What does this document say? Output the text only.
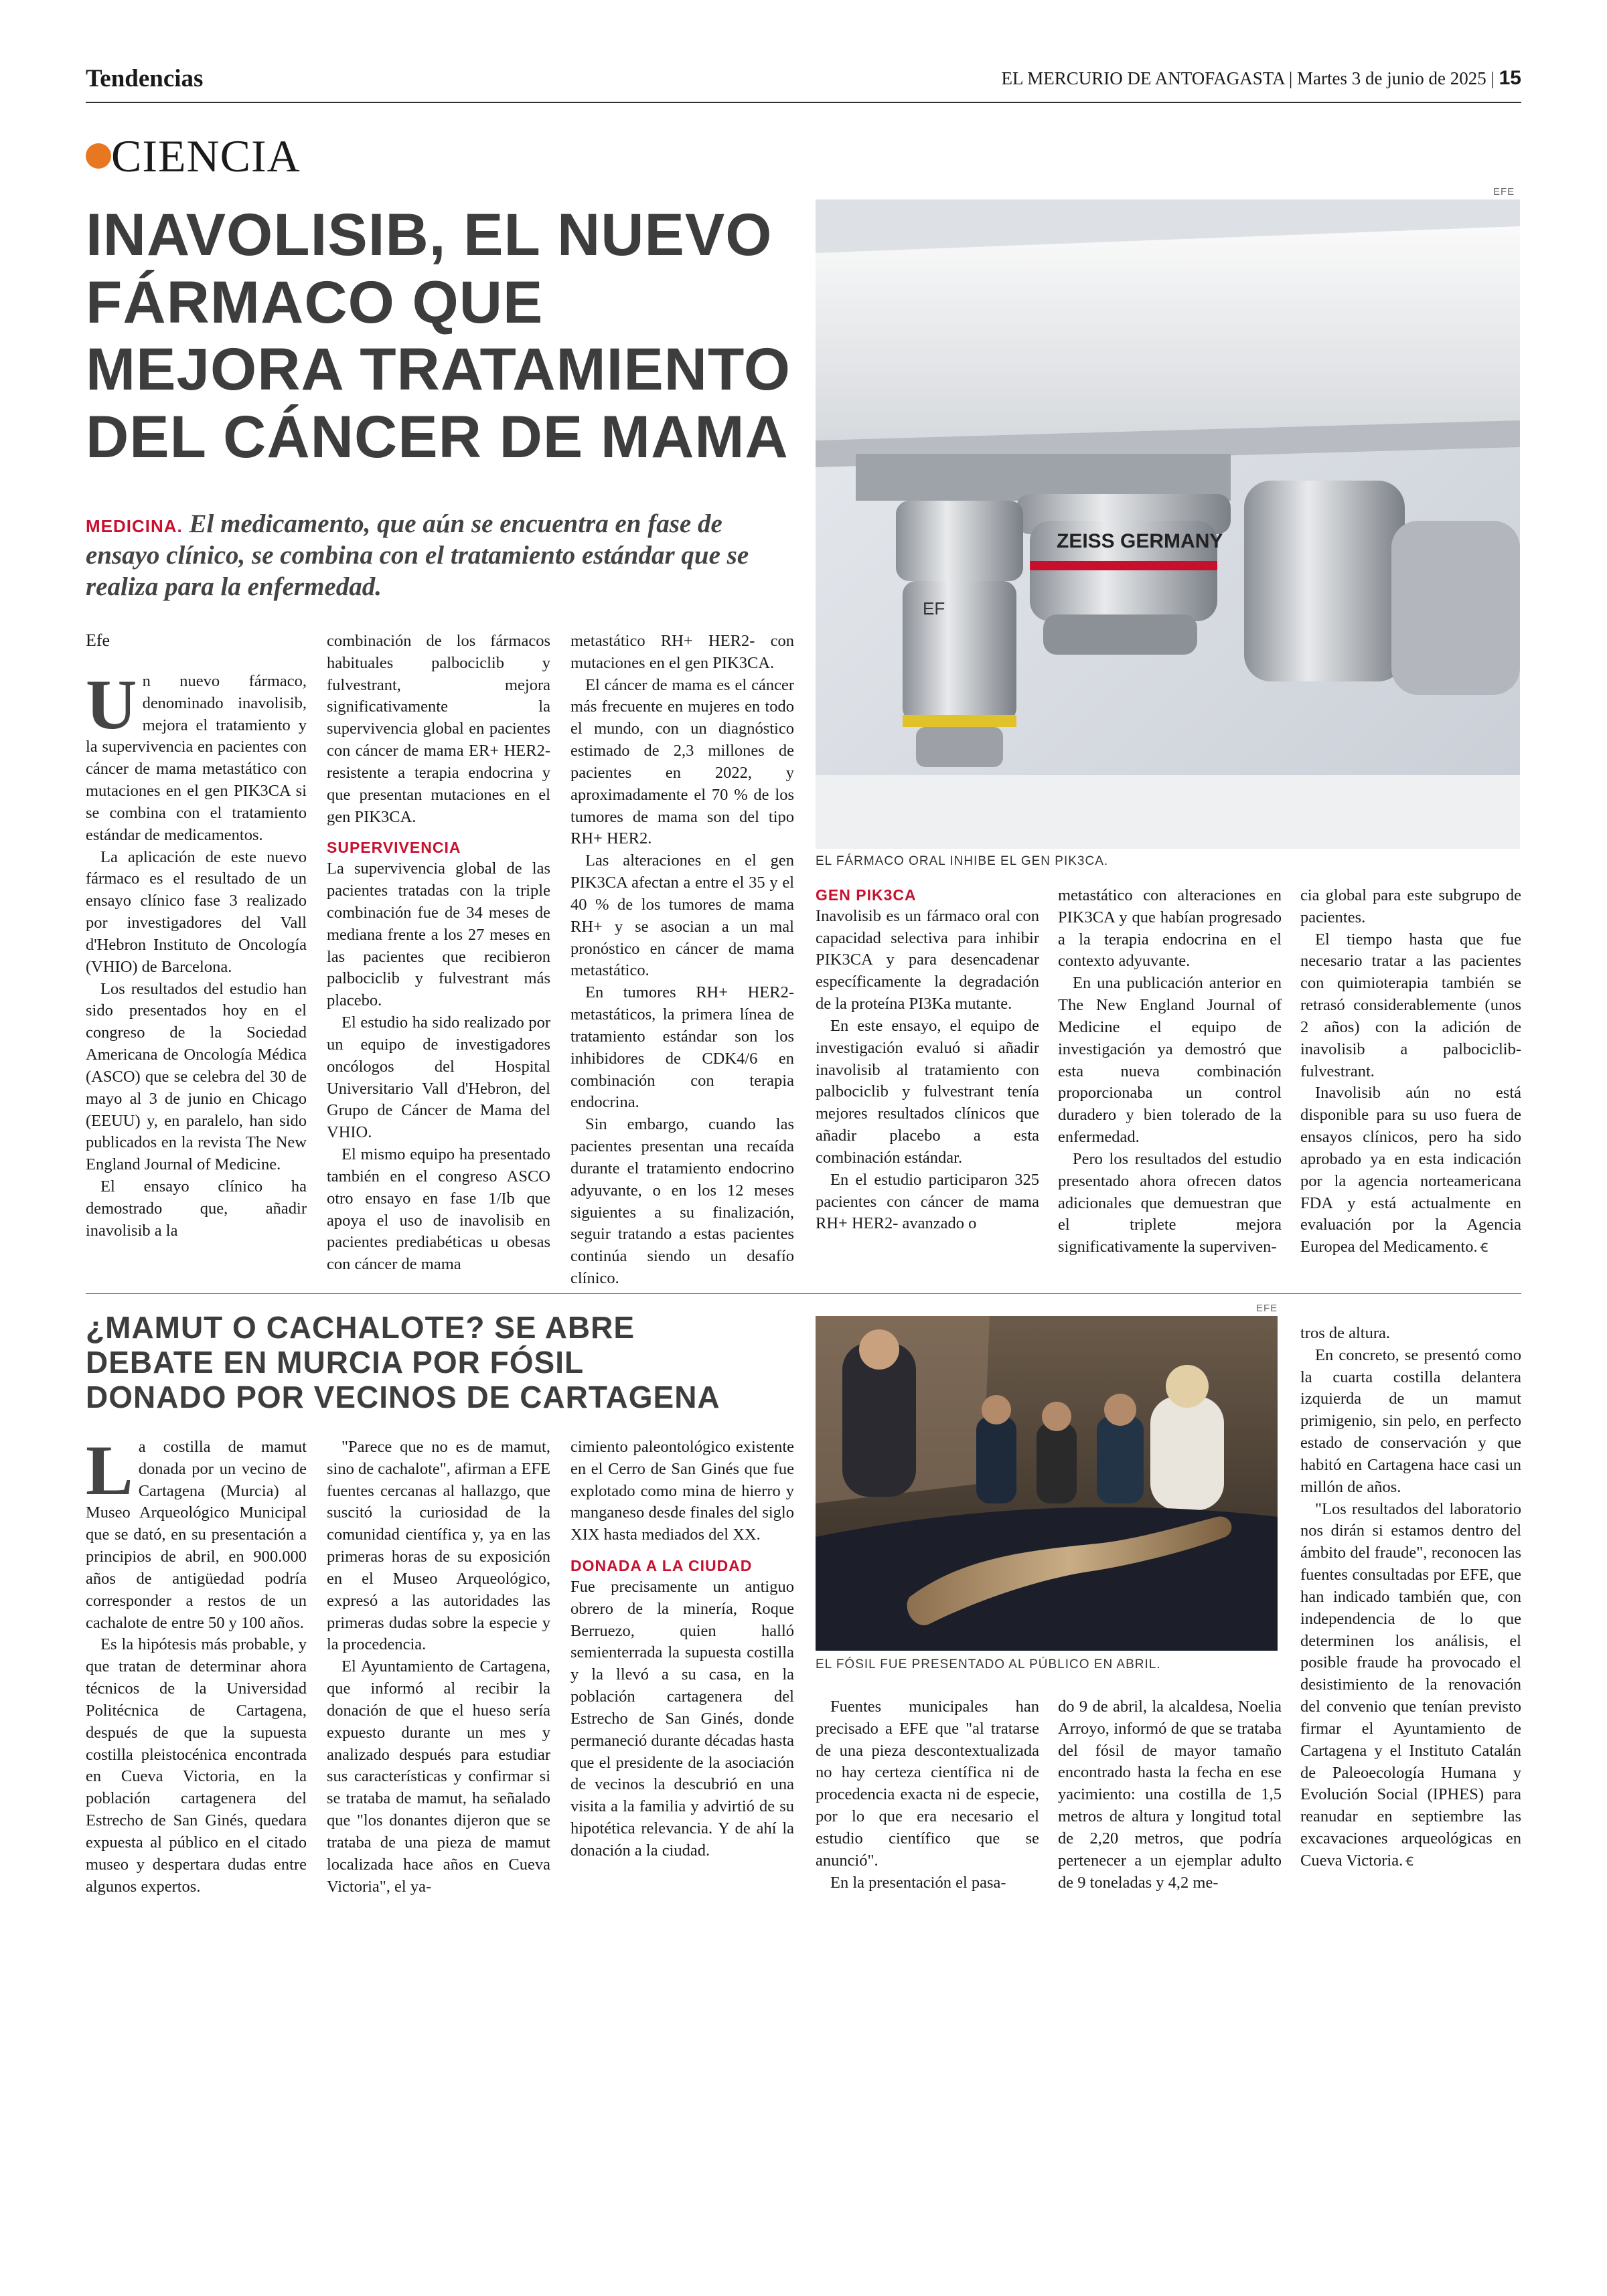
Tendencias	EL MERCURIO DE ANTOFAGASTA | Martes 3 de junio de 2025 | 15
CIENCIA
INAVOLISIB, EL NUEVO FÁRMACO QUE MEJORA TRATAMIENTO DEL CÁNCER DE MAMA
MEDICINA. El medicamento, que aún se encuentra en fase de ensayo clínico, se combina con el tratamiento estándar que se realiza para la enfermedad.
Efe
EFE
ZEISS GERMANY
EF
EL FÁRMACO ORAL INHIBE EL GEN PIK3CA.

Un nuevo fármaco, denominado inavolisib, mejora el tratamiento y la supervivencia en pacientes con cáncer de mama metastático con mutaciones en el gen PIK3CA si se combina con el tratamiento estándar de medicamentos.

La aplicación de este nuevo fármaco es el resultado de un ensayo clínico fase 3 realizado por investigadores del Vall d'Hebron Instituto de Oncología (VHIO) de Barcelona.

Los resultados del estudio han sido presentados hoy en el congreso de la Sociedad Americana de Oncología Médica (ASCO) que se celebra del 30 de mayo al 3 de junio en Chicago (EEUU) y, en paralelo, han sido publicados en la revista The New England Journal of Medicine.

El ensayo clínico ha demostrado que, añadir inavolisib a la

combinación de los fármacos habituales palbociclib y fulvestrant, mejora significativamente la supervivencia global en pacientes con cáncer de mama ER+ HER2- resistente a terapia endocrina y que presentan mutaciones en el gen PIK3CA.

SUPERVIVENCIA

La supervivencia global de las pacientes tratadas con la triple combinación fue de 34 meses de mediana frente a los 27 meses en las pacientes que recibieron palbociclib y fulvestrant más placebo.

El estudio ha sido realizado por un equipo de investigadores oncólogos del Hospital Universitario Vall d'Hebron, del Grupo de Cáncer de Mama del VHIO.

El mismo equipo ha presentado también en el congreso ASCO otro ensayo en fase 1/Ib que apoya el uso de inavolisib en pacientes prediabéticas u obesas con cáncer de mama

metastático RH+ HER2- con mutaciones en el gen PIK3CA.

El cáncer de mama es el cáncer más frecuente en mujeres en todo el mundo, con un diagnóstico estimado de 2,3 millones de pacientes en 2022, y aproximadamente el 70 % de los tumores de mama son del tipo RH+ HER2.

Las alteraciones en el gen PIK3CA afectan a entre el 35 y el 40 % de los tumores de mama RH+ y se asocian a un mal pronóstico en cáncer de mama metastático.

En tumores RH+ HER2- metastáticos, la primera línea de tratamiento estándar son los inhibidores de CDK4/6 en combinación con terapia endocrina.

Sin embargo, cuando las pacientes presentan una recaída durante el tratamiento endocrino adyuvante, o en los 12 meses siguientes a su finalización, seguir tratando a estas pacientes continúa siendo un desafío clínico.

GEN PIK3CA

Inavolisib es un fármaco oral con capacidad selectiva para inhibir PIK3CA y para desencadenar específicamente la degradación de la proteína PI3Ka mutante.

En este ensayo, el equipo de investigación evaluó si añadir inavolisib al tratamiento con palbociclib y fulvestrant tenía mejores resultados clínicos que añadir placebo a esta combinación estándar.

En el estudio participaron 325 pacientes con cáncer de mama RH+ HER2- avanzado o

metastático con alteraciones en PIK3CA y que habían progresado a la terapia endocrina en el contexto adyuvante.

En una publicación anterior en The New England Journal of Medicine el equipo de investigación ya demostró que esta nueva combinación proporcionaba un control duradero y bien tolerado de la enfermedad.

Pero los resultados del estudio presentado ahora ofrecen datos adicionales que demuestran que el triplete mejora significativamente la superviven-

cia global para este subgrupo de pacientes.

El tiempo hasta que fue necesario tratar a las pacientes con quimioterapia también se retrasó considerablemente (unos 2 años) con la adición de inavolisib a palbociclib-fulvestrant.

Inavolisib aún no está disponible para su uso fuera de ensayos clínicos, pero ha sido aprobado ya en esta indicación por la agencia norteamericana FDA y está actualmente en evaluación por la Agencia Europea del Medicamento. ꞓ

¿MAMUT O CACHALOTE? SE ABRE DEBATE EN MURCIA POR FÓSIL DONADO POR VECINOS DE CARTAGENA
EFE
EL FÓSIL FUE PRESENTADO AL PÚBLICO EN ABRIL.

La costilla de mamut donada por un vecino de Cartagena (Murcia) al Museo Arqueológico Municipal que se dató, en su presentación a principios de abril, en 900.000 años de antigüedad podría corresponder a restos de un cachalote de entre 50 y 100 años.

Es la hipótesis más probable, y que tratan de determinar ahora técnicos de la Universidad Politécnica de Cartagena, después de que la supuesta costilla pleistocénica encontrada en Cueva Victoria, en la población cartagenera del Estrecho de San Ginés, quedara expuesta al público en el citado museo y despertara dudas entre algunos expertos.

"Parece que no es de mamut, sino de cachalote", afirman a EFE fuentes cercanas al hallazgo, que suscitó la curiosidad de la comunidad científica y, ya en las primeras horas de su exposición en el Museo Arqueológico, expresó a las autoridades las primeras dudas sobre la especie y la procedencia.

El Ayuntamiento de Cartagena, que informó al recibir la donación de que el hueso sería expuesto durante un mes y analizado después para estudiar sus características y confirmar si se trataba de mamut, ha señalado que "los donantes dijeron que se trataba de una pieza de mamut localizada hace años en Cueva Victoria", el ya-

cimiento paleontológico existente en el Cerro de San Ginés que fue explotado como mina de hierro y manganeso desde finales del siglo XIX hasta mediados del XX.

DONADA A LA CIUDAD

Fue precisamente un antiguo obrero de la minería, Roque Berruezo, quien halló semienterrada la supuesta costilla y la llevó a su casa, en la población cartagenera del Estrecho de San Ginés, donde permaneció durante décadas hasta que el presidente de la asociación de vecinos la descubrió en una visita a la familia y advirtió de su hipotética relevancia. Y de ahí la donación a la ciudad.

Fuentes municipales han precisado a EFE que "al tratarse de una pieza descontextualizada no hay certeza científica ni de procedencia exacta ni de especie, por lo que era necesario el estudio científico que se anunció".

En la presentación el pasa-

do 9 de abril, la alcaldesa, Noelia Arroyo, informó de que se trataba del fósil de mayor tamaño encontrado hasta la fecha en ese yacimiento: una costilla de 1,5 metros de altura y longitud total de 2,20 metros, que podría pertenecer a un ejemplar adulto de 9 toneladas y 4,2 me-

tros de altura.

En concreto, se presentó como la cuarta costilla delantera izquierda de un mamut primigenio, sin pelo, en perfecto estado de conservación y que habitó en Cartagena hace casi un millón de años.

"Los resultados del laboratorio nos dirán si estamos dentro del ámbito del fraude", reconocen las fuentes consultadas por EFE, que han indicado también que, con independencia de lo que determinen los análisis, el posible fraude ha provocado el desistimiento de la renovación del convenio que tenían previsto firmar el Ayuntamiento de Cartagena y el Instituto Catalán de Paleoecología Humana y Evolución Social (IPHES) para reanudar en septiembre las excavaciones arqueológicas en Cueva Victoria. ꞓ
